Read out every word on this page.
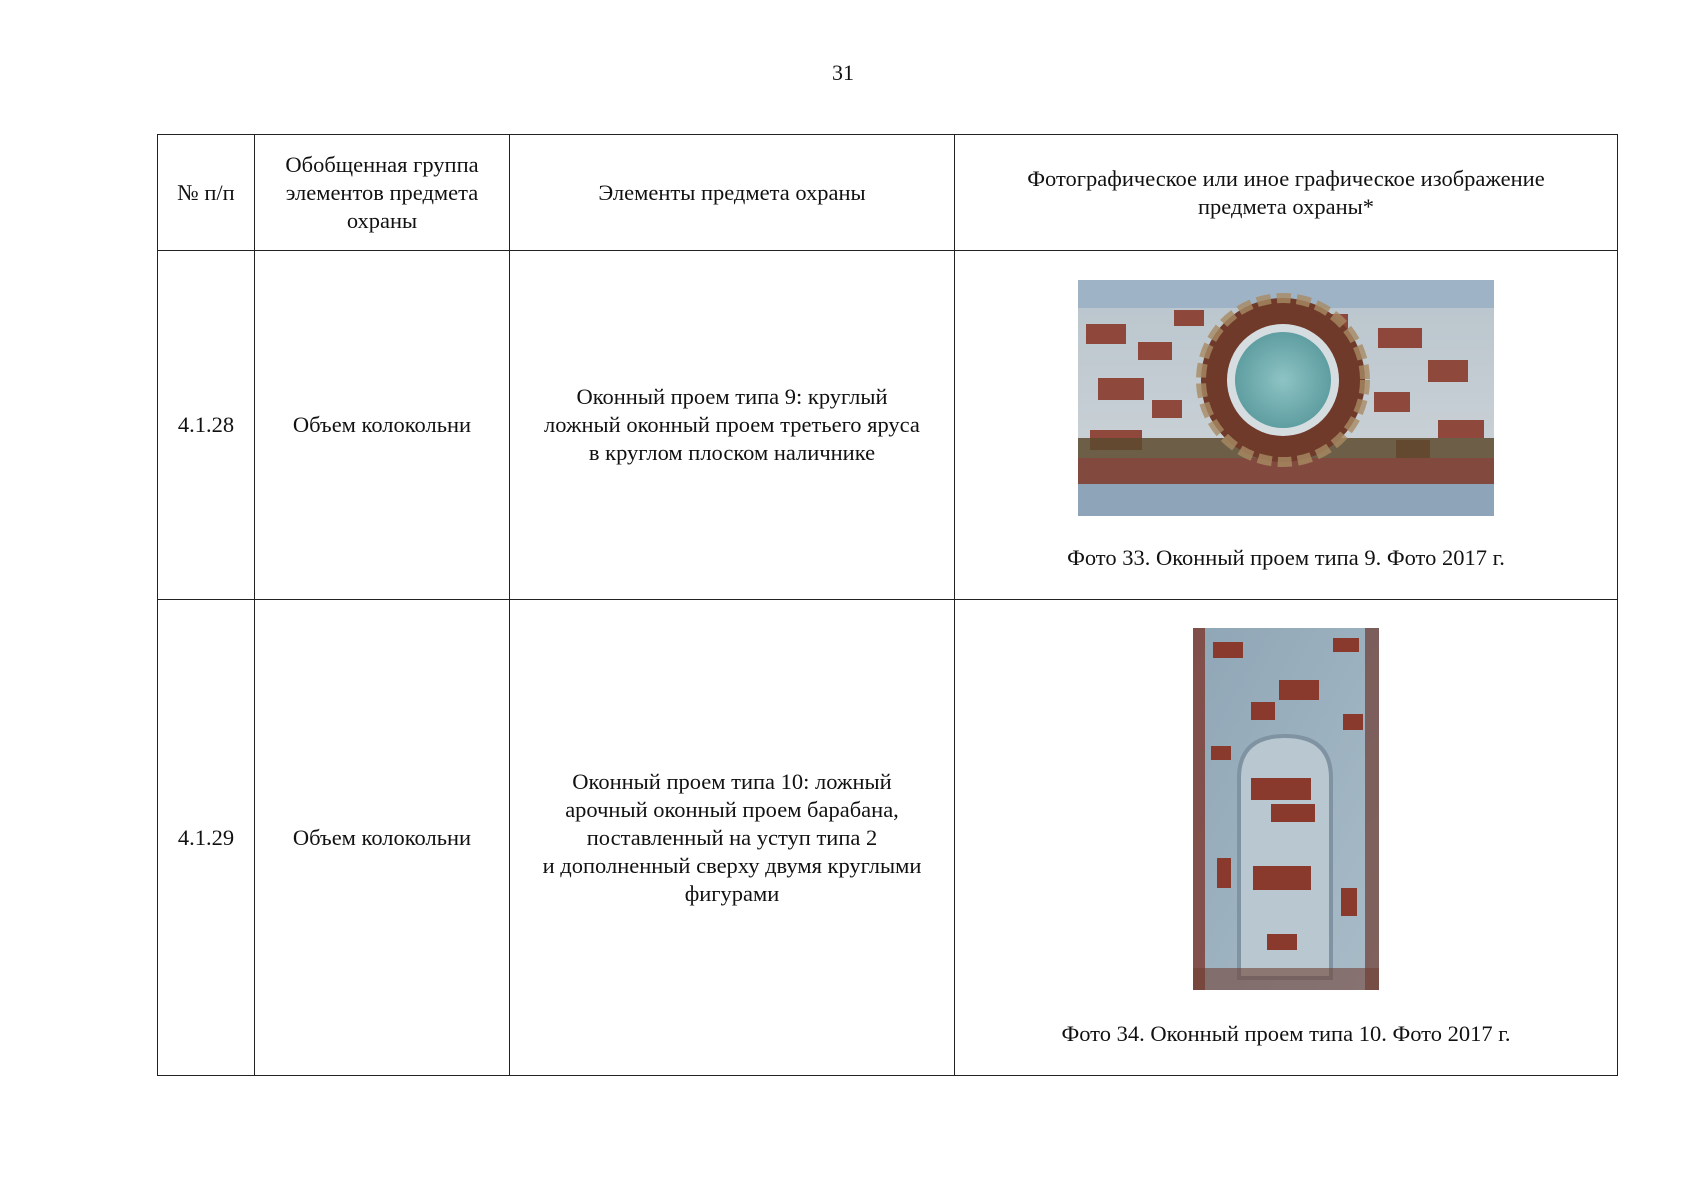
31
№ п/п	Обобщенная группа
элементов предмета
охраны	Элементы предмета охраны	Фотографическое или иное графическое изображение
предмета охраны*

4.1.28	Объем колокольни	Оконный проем типа 9: круглый
ложный оконный проем третьего яруса
в круглом плоском наличнике	Фото 33. Оконный проем типа 9. Фото 2017 г.

4.1.29	Объем колокольни	Оконный проем типа 10: ложный
арочный оконный проем барабана,
поставленный на уступ типа 2
и дополненный сверху двумя круглыми
фигурами	Фото 34. Оконный проем типа 10. Фото 2017 г.
